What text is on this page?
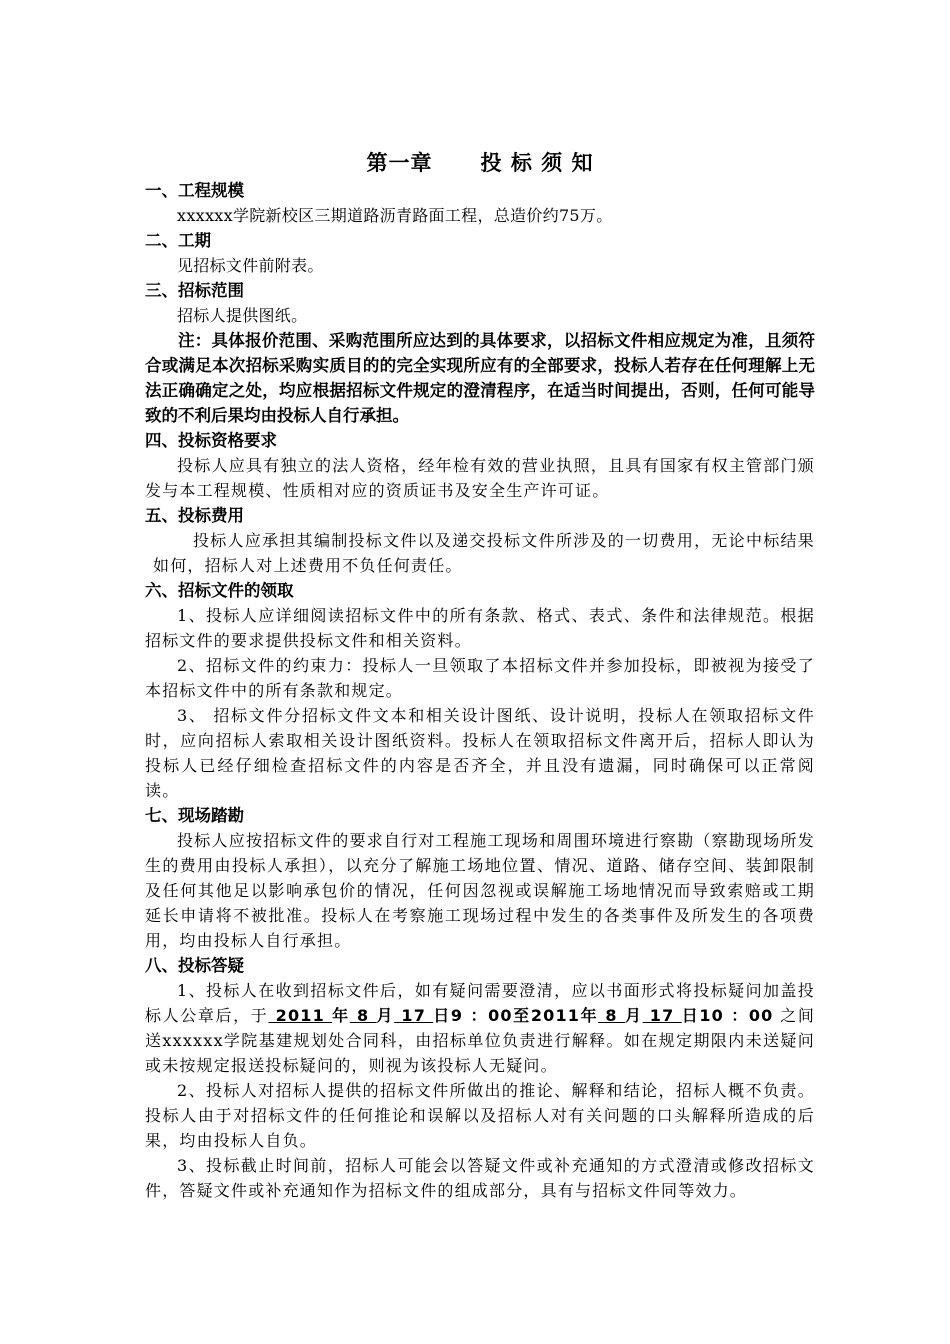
第一章 投 标 须 知

一、工程规模

xxxxxx学院新校区三期道路沥青路面工程，总造价约75万。

二、工期

见招标文件前附表。

三、招标范围

招标人提供图纸。

注：具体报价范围、采购范围所应达到的具体要求，以招标文件相应规定为准，且须符合或满足本次招标采购实质目的的完全实现所应有的全部要求，投标人若存在任何理解上无法正确确定之处，均应根据招标文件规定的澄清程序，在适当时间提出，否则，任何可能导致的不利后果均由投标人自行承担。

四、投标资格要求

投标人应具有独立的法人资格，经年检有效的营业执照，且具有国家有权主管部门颁发与本工程规模、性质相对应的资质证书及安全生产许可证。

五、投标费用

投标人应承担其编制投标文件以及递交投标文件所涉及的一切费用，无论中标结果如何，招标人对上述费用不负任何责任。

六、招标文件的领取

1、投标人应详细阅读招标文件中的所有条款、格式、表式、条件和法律规范。根据招标文件的要求提供投标文件和相关资料。

2、招标文件的约束力：投标人一旦领取了本招标文件并参加投标，即被视为接受了本招标文件中的所有条款和规定。

3、 招标文件分招标文件文本和相关设计图纸、设计说明，投标人在领取招标文件时，应向招标人索取相关设计图纸资料。投标人在领取招标文件离开后，招标人即认为投标人已经仔细检查招标文件的内容是否齐全，并且没有遗漏，同时确保可以正常阅读。

七、现场踏勘

投标人应按招标文件的要求自行对工程施工现场和周围环境进行察勘（察勘现场所发生的费用由投标人承担），以充分了解施工场地位置、情况、道路、储存空间、装卸限制及任何其他足以影响承包价的情况，任何因忽视或误解施工场地情况而导致索赔或工期延长申请将不被批准。投标人在考察施工现场过程中发生的各类事件及所发生的各项费用，均由投标人自行承担。

八、投标答疑

1、投标人在收到招标文件后，如有疑问需要澄清，应以书面形式将投标疑问加盖投标人公章后，于 2011 年 8 月 17 日9 ：00至2011年 8 月 17 日10 ：00 之间送xxxxxx学院基建规划处合同科，由招标单位负责进行解释。如在规定期限内未送疑问或未按规定报送投标疑问的，则视为该投标人无疑问。

2、投标人对招标人提供的招标文件所做出的推论、解释和结论，招标人概不负责。投标人由于对招标文件的任何推论和误解以及招标人对有关问题的口头解释所造成的后果，均由投标人自负。

3、投标截止时间前，招标人可能会以答疑文件或补充通知的方式澄清或修改招标文件，答疑文件或补充通知作为招标文件的组成部分，具有与招标文件同等效力。
